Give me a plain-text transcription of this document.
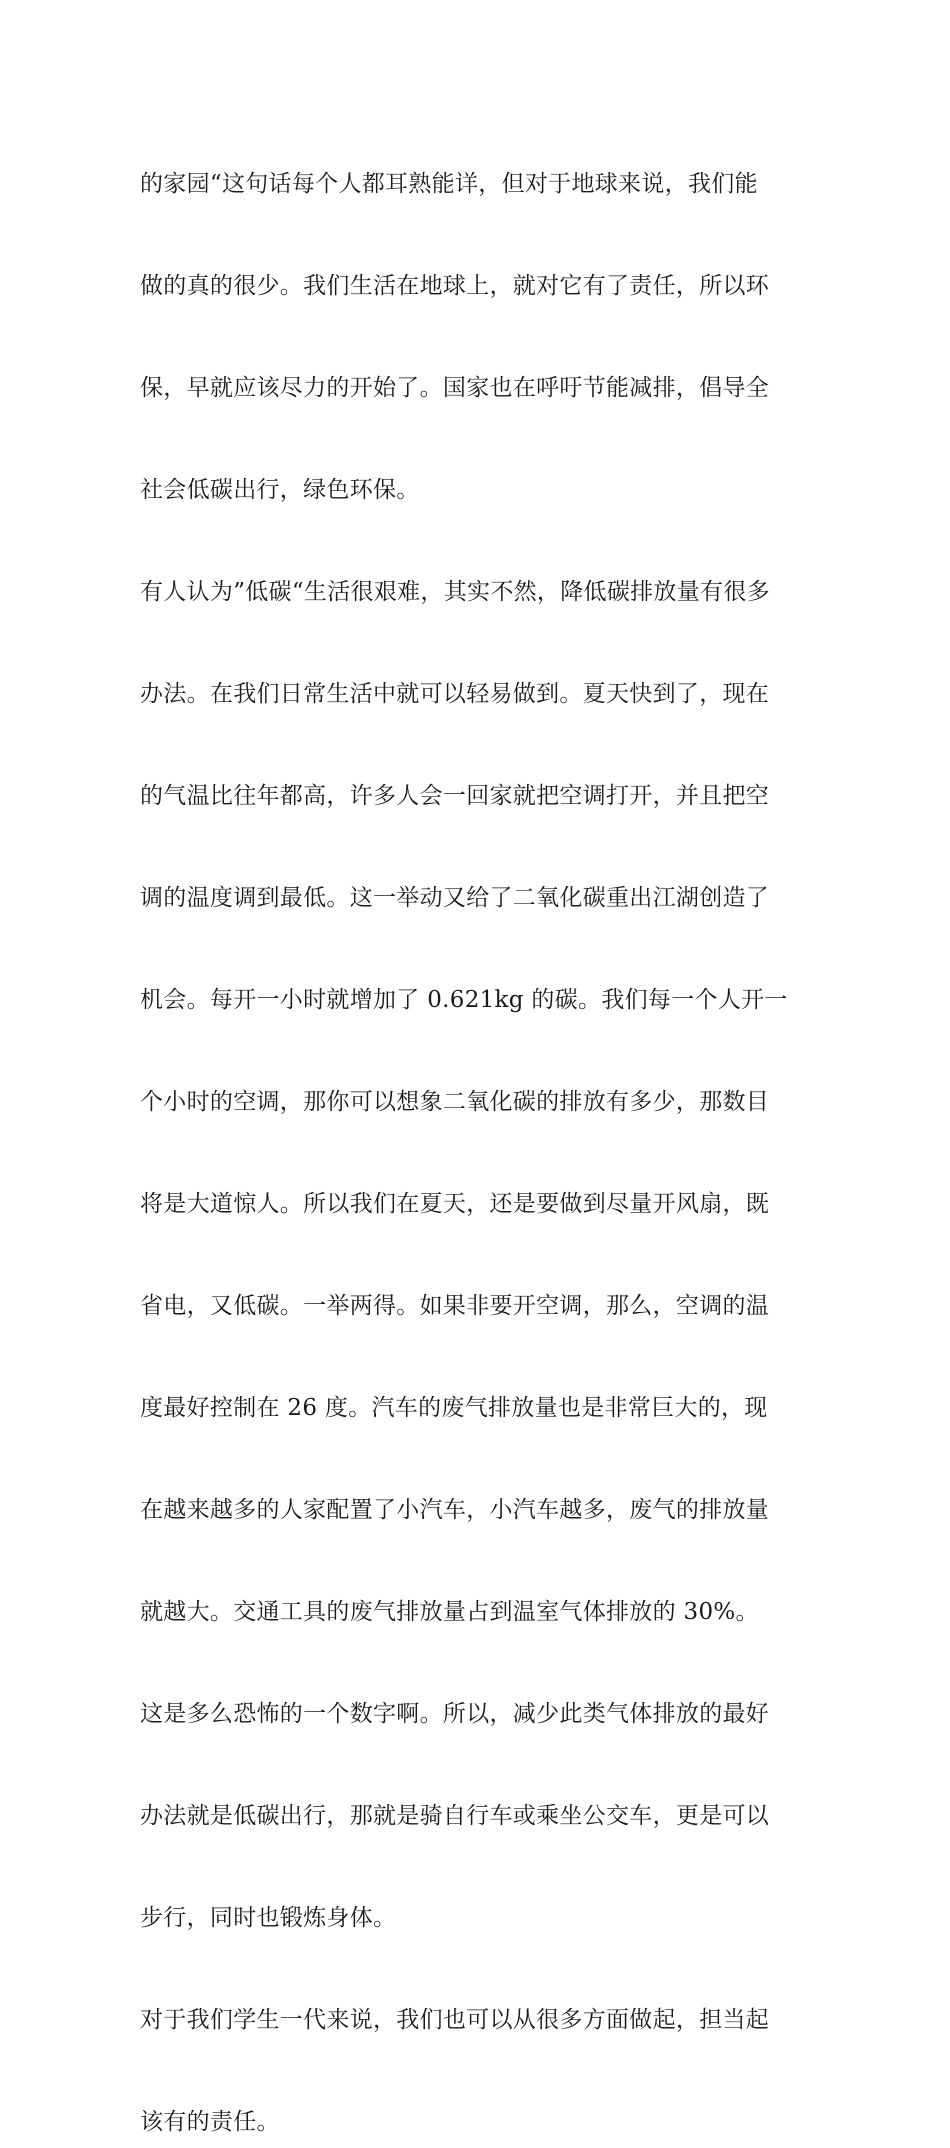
的家园“这句话每个人都耳熟能详，但对于地球来说，我们能

做的真的很少。我们生活在地球上，就对它有了责任，所以环

保，早就应该尽力的开始了。国家也在呼吁节能减排，倡导全

社会低碳出行，绿色环保。

有人认为”低碳“生活很艰难，其实不然，降低碳排放量有很多

办法。在我们日常生活中就可以轻易做到。夏天快到了，现在

的气温比往年都高，许多人会一回家就把空调打开，并且把空

调的温度调到最低。这一举动又给了二氧化碳重出江湖创造了

机会。每开一小时就增加了 0.621kg 的碳。我们每一个人开一

个小时的空调，那你可以想象二氧化碳的排放有多少，那数目

将是大道惊人。所以我们在夏天，还是要做到尽量开风扇，既

省电，又低碳。一举两得。如果非要开空调，那么，空调的温

度最好控制在 26 度。汽车的废气排放量也是非常巨大的，现

在越来越多的人家配置了小汽车，小汽车越多，废气的排放量

就越大。交通工具的废气排放量占到温室气体排放的 30%。

这是多么恐怖的一个数字啊。所以，减少此类气体排放的最好

办法就是低碳出行，那就是骑自行车或乘坐公交车，更是可以

步行，同时也锻炼身体。

对于我们学生一代来说，我们也可以从很多方面做起，担当起

该有的责任。
